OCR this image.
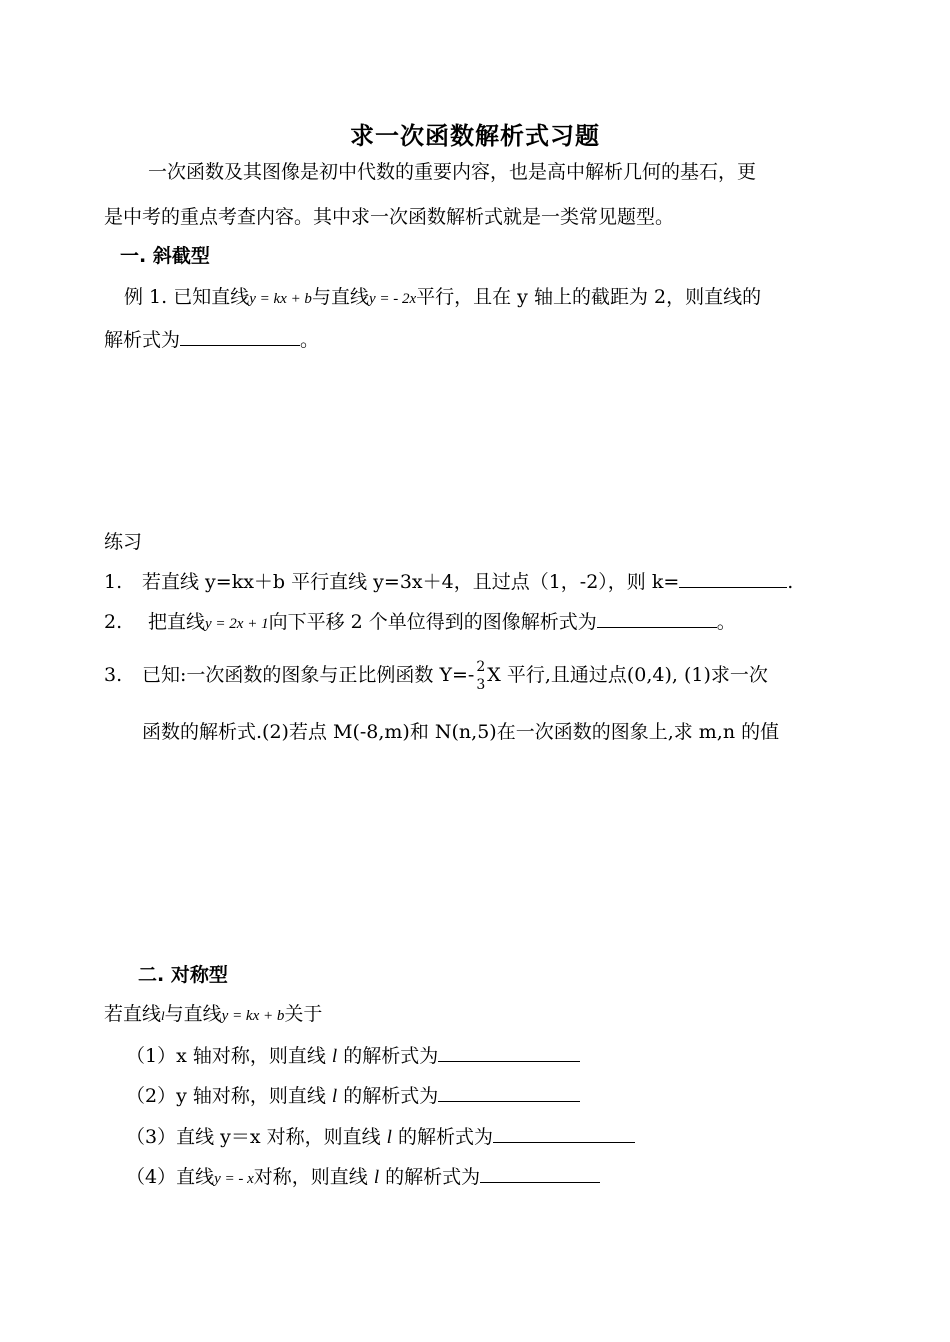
求一次函数解析式习题
一次函数及其图像是初中代数的重要内容，也是高中解析几何的基石，更
是中考的重点考查内容。其中求一次函数解析式就是一类常见题型。
一. 斜截型
例 1. 已知直线y = kx + b与直线y = - 2x平行，且在 y 轴上的截距为 2，则直线的
解析式为	。
练习
1. 若直线 y=kx＋b 平行直线 y=3x＋4，且过点（1，-2），则 k=	.
2. 把直线y = 2x + 1向下平移 2 个单位得到的图像解析式为	。
3. 已知:一次函数的图象与正比例函数 Y=- 2
3 X 平行,且通过点(0,4), (1)求一次
函数的解析式.(2)若点 M(-8,m)和 N(n,5)在一次函数的图象上,求 m,n 的值
二. 对称型
若直线l与直线y = kx + b关于
（1）x 轴对称，则直线 l 的解析式为
（2）y 轴对称，则直线 l 的解析式为
（3）直线 y＝x 对称，则直线 l 的解析式为
（4）直线y = - x对称，则直线 l 的解析式为
